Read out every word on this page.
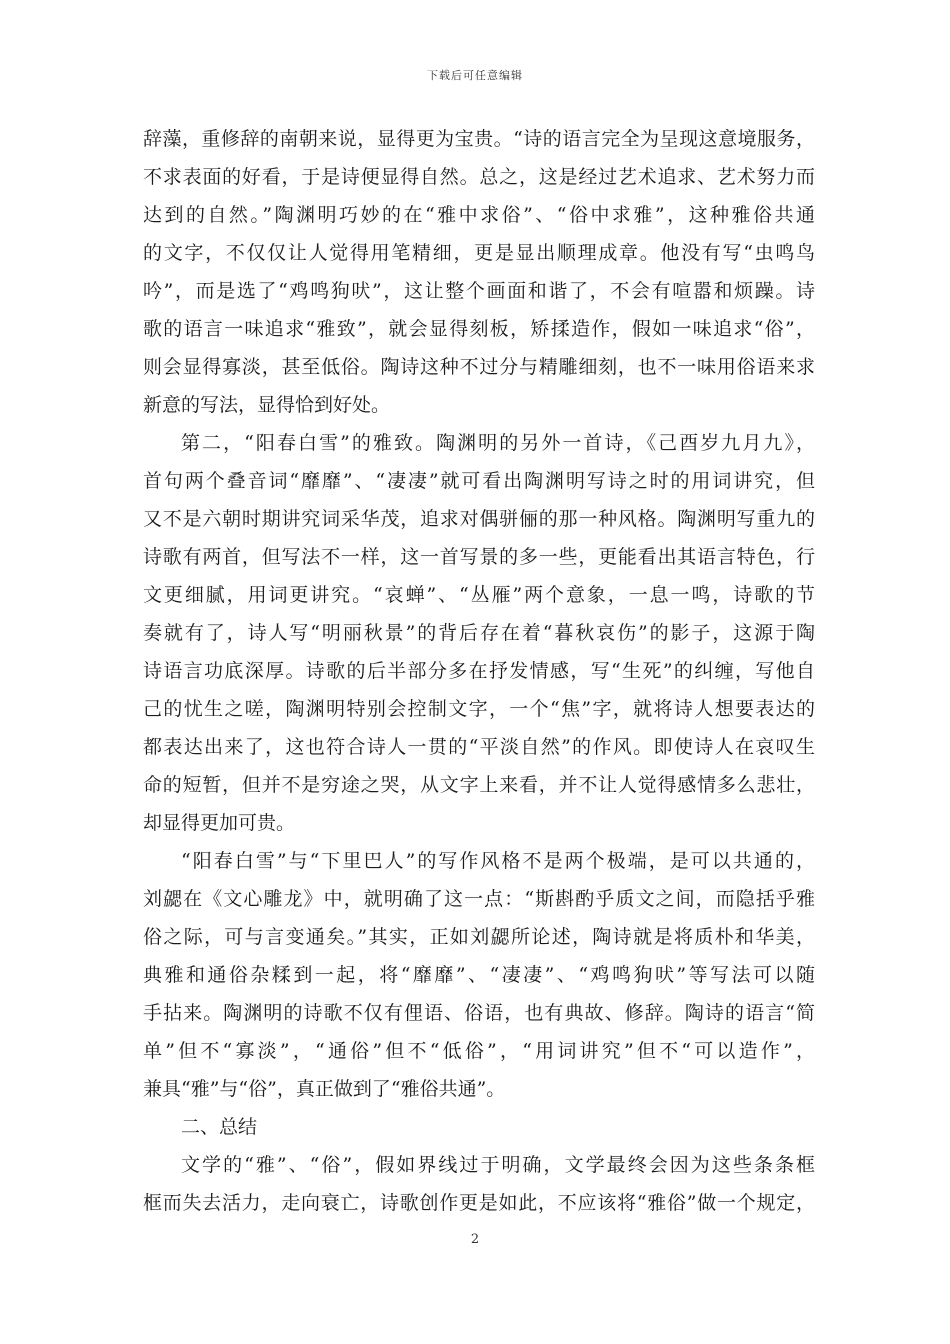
下载后可任意编辑
辞藻，重修辞的南朝来说，显得更为宝贵。“诗的语言完全为呈现这意境服务，
不求表面的好看，于是诗便显得自然。总之，这是经过艺术追求、艺术努力而
达到的自然。”陶渊明巧妙的在“雅中求俗”、“俗中求雅”，这种雅俗共通
的文字，不仅仅让人觉得用笔精细，更是显出顺理成章。他没有写“虫鸣鸟
吟”，而是选了“鸡鸣狗吠”，这让整个画面和谐了，不会有喧嚣和烦躁。诗
歌的语言一味追求“雅致”，就会显得刻板，矫揉造作，假如一味追求“俗”，
则会显得寡淡，甚至低俗。陶诗这种不过分与精雕细刻，也不一味用俗语来求
新意的写法，显得恰到好处。
第二，“阳春白雪”的雅致。陶渊明的另外一首诗，《己酉岁九月九》，
首句两个叠音词“靡靡”、“凄凄”就可看出陶渊明写诗之时的用词讲究，但
又不是六朝时期讲究词采华茂，追求对偶骈俪的那一种风格。陶渊明写重九的
诗歌有两首，但写法不一样，这一首写景的多一些，更能看出其语言特色，行
文更细腻，用词更讲究。“哀蝉”、“丛雁”两个意象，一息一鸣，诗歌的节
奏就有了，诗人写“明丽秋景”的背后存在着“暮秋哀伤”的影子，这源于陶
诗语言功底深厚。诗歌的后半部分多在抒发情感，写“生死”的纠缠，写他自
己的忧生之嗟，陶渊明特别会控制文字，一个“焦”字，就将诗人想要表达的
都表达出来了，这也符合诗人一贯的“平淡自然”的作风。即使诗人在哀叹生
命的短暂，但并不是穷途之哭，从文字上来看，并不让人觉得感情多么悲壮，
却显得更加可贵。
“阳春白雪”与“下里巴人”的写作风格不是两个极端，是可以共通的，
刘勰在《文心雕龙》中，就明确了这一点：“斯斟酌乎质文之间，而隐括乎雅
俗之际，可与言变通矣。”其实，正如刘勰所论述，陶诗就是将质朴和华美，
典雅和通俗杂糅到一起，将“靡靡”、“凄凄”、“鸡鸣狗吠”等写法可以随
手拈来。陶渊明的诗歌不仅有俚语、俗语，也有典故、修辞。陶诗的语言“简
单”但不“寡淡”，“通俗”但不“低俗”，“用词讲究”但不“可以造作”，
兼具“雅”与“俗”，真正做到了“雅俗共通”。
二、总结
文学的“雅”、“俗”，假如界线过于明确，文学最终会因为这些条条框
框而失去活力，走向衰亡，诗歌创作更是如此，不应该将“雅俗”做一个规定，
2
